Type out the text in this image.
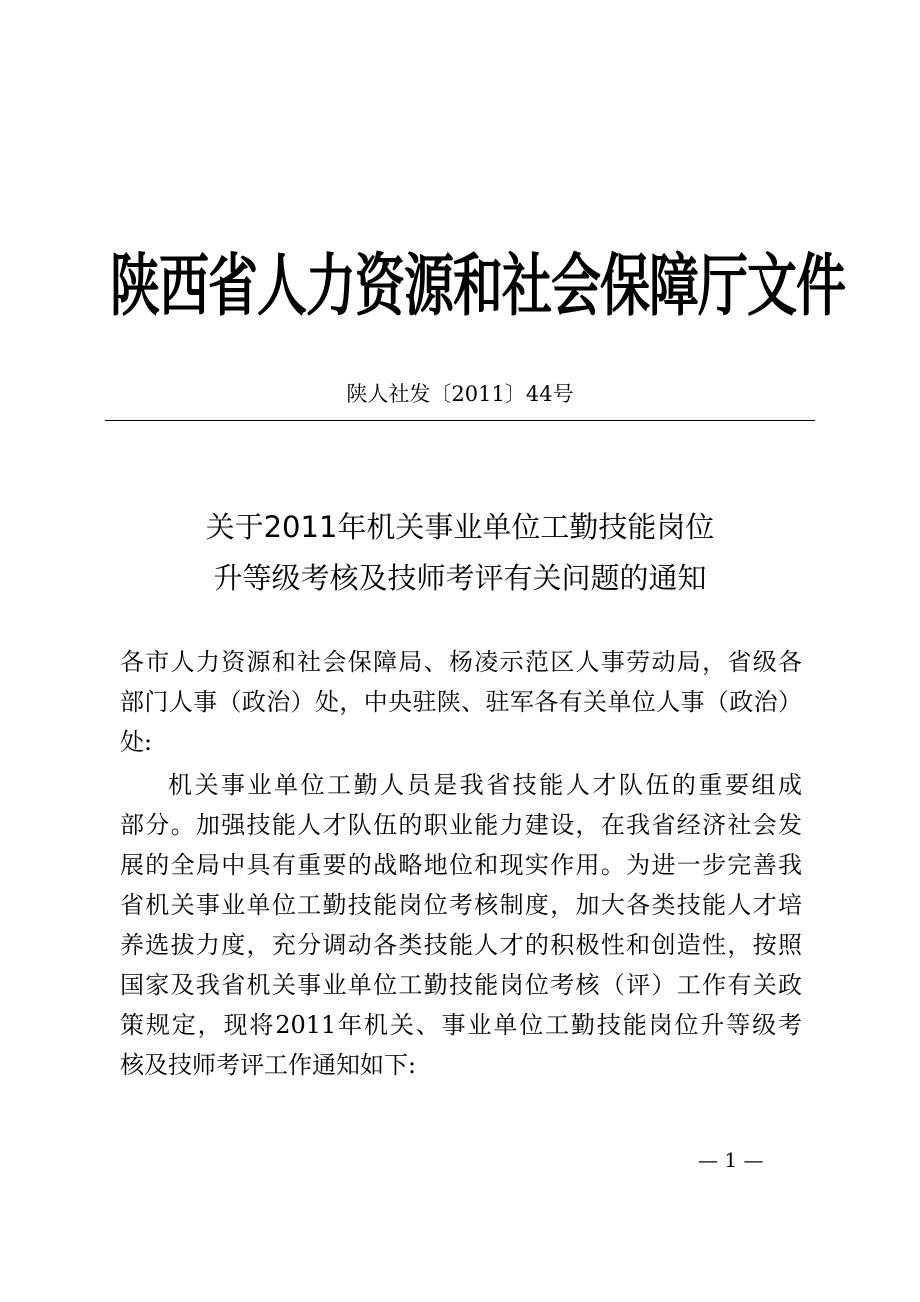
陕西省人力资源和社会保障厅文件
陕人社发〔2011〕44号
关于2011年机关事业单位工勤技能岗位
升等级考核及技师考评有关问题的通知
各市人力资源和社会保障局、杨凌示范区人事劳动局，省级各
部门人事（政治）处，中央驻陕、驻军各有关单位人事（政治）
处:
机关事业单位工勤人员是我省技能人才队伍的重要组成
部分。加强技能人才队伍的职业能力建设，在我省经济社会发
展的全局中具有重要的战略地位和现实作用。为进一步完善我
省机关事业单位工勤技能岗位考核制度，加大各类技能人才培
养选拔力度，充分调动各类技能人才的积极性和创造性，按照
国家及我省机关事业单位工勤技能岗位考核（评）工作有关政
策规定，现将2011年机关、事业单位工勤技能岗位升等级考
核及技师考评工作通知如下:
— 1 —
